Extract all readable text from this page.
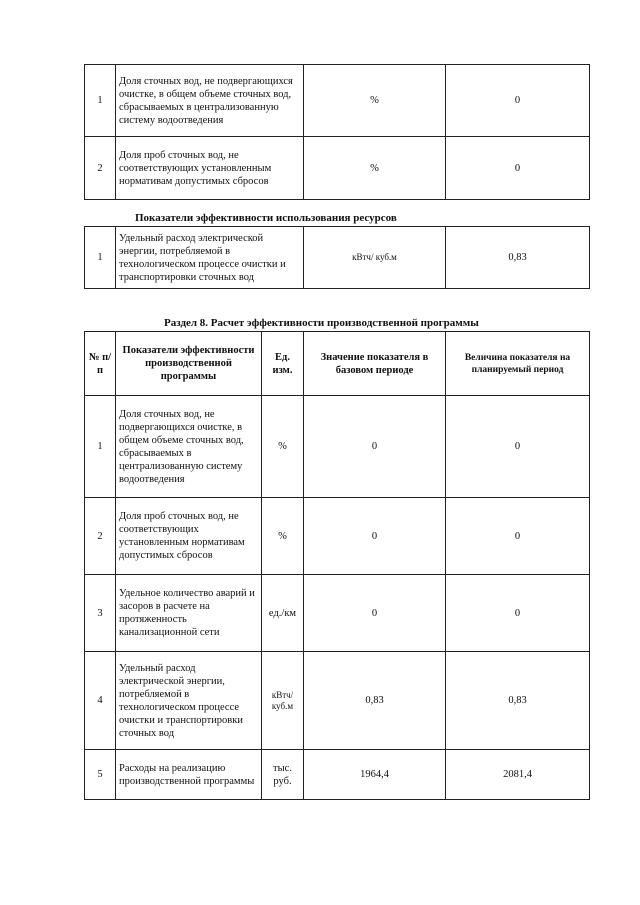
1	Доля сточных вод, не подвергающихся очистке, в общем объеме сточных вод, сбрасываемых в централизованную систему водоотведения	%	0
2	Доля проб сточных вод, не соответствующих установленным нормативам допустимых сбросов	%	0
Показатели эффективности использования ресурсов
1	Удельный расход электрической энергии, потребляемой в технологическом процессе очистки и транспортировки сточных вод	кВтч/ куб.м	0,83
Раздел 8. Расчет эффективности производственной программы
№ п/п	Показатели эффективности производственной программы	Ед. изм.	Значение показателя в базовом периоде	Величина показателя на планируемый период
1	Доля сточных вод, не подвергающихся очистке, в общем объеме сточных вод, сбрасываемых в централизованную систему водоотведения	%	0	0
2	Доля проб сточных вод, не соответствующих установленным нормативам допустимых сбросов	%	0	0
3	Удельное количество аварий и засоров в расчете на протяженность канализационной сети	ед./км	0	0
4	Удельный расход электрической энергии, потребляемой в технологическом процессе очистки и транспортировки сточных вод	кВтч/ куб.м	0,83	0,83
5	Расходы на реализацию производственной программы	тыс. руб.	1964,4	2081,4
